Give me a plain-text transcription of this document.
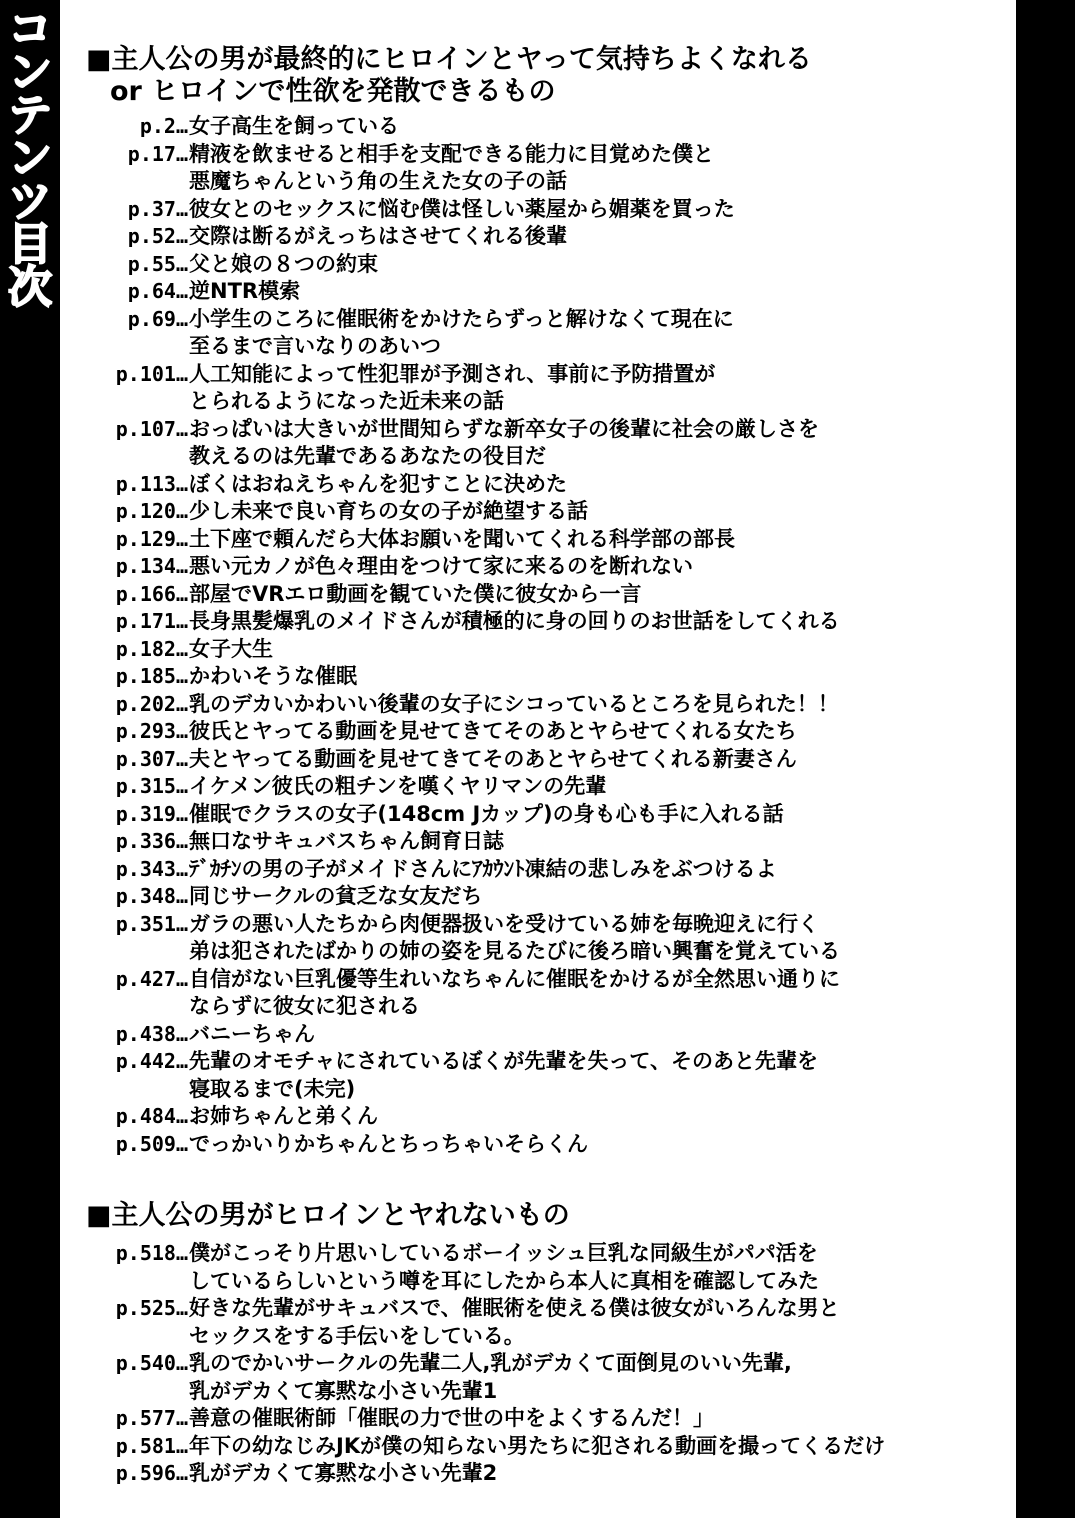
コ
ン
テ
ン
ツ
目
次
■主人公の男が最終的にヒロインとヤって気持ちよくなれる
or ヒロインで性欲を発散できるもの
p.2… 女子高生を飼っている
p.17… 精液を飲ませると相手を支配できる能力に目覚めた僕と
悪魔ちゃんという角の生えた女の子の話
p.37… 彼女とのセックスに悩む僕は怪しい薬屋から媚薬を買った
p.52… 交際は断るがえっちはさせてくれる後輩
p.55… 父と娘の８つの約束
p.64… 逆NTR模索
p.69… 小学生のころに催眠術をかけたらずっと解けなくて現在に
至るまで言いなりのあいつ
p.101… 人工知能によって性犯罪が予測され、事前に予防措置が
とられるようになった近未来の話
p.107… おっぱいは大きいが世間知らずな新卒女子の後輩に社会の厳しさを
教えるのは先輩であるあなたの役目だ
p.113… ぼくはおねえちゃんを犯すことに決めた
p.120… 少し未来で良い育ちの女の子が絶望する話
p.129… 土下座で頼んだら大体お願いを聞いてくれる科学部の部長
p.134… 悪い元カノが色々理由をつけて家に来るのを断れない
p.166… 部屋でVRエロ動画を観ていた僕に彼女から一言
p.171… 長身黒髪爆乳のメイドさんが積極的に身の回りのお世話をしてくれる
p.182… 女子大生
p.185… かわいそうな催眠
p.202… 乳のデカいかわいい後輩の女子にシコっているところを見られた！！
p.293… 彼氏とヤってる動画を見せてきてそのあとヤらせてくれる女たち
p.307… 夫とヤってる動画を見せてきてそのあとヤらせてくれる新妻さん
p.315… イケメン彼氏の粗チンを嘆くヤリマンの先輩
p.319… 催眠でクラスの女子(148cm Jカップ)の身も心も手に入れる話
p.336… 無口なサキュバスちゃん飼育日誌
p.343… ﾃﾞｶﾁﾝの男の子がメイドさんにｱｶｳﾝﾄ凍結の悲しみをぶつけるよ
p.348… 同じサークルの貧乏な女友だち
p.351… ガラの悪い人たちから肉便器扱いを受けている姉を毎晩迎えに行く
弟は犯されたばかりの姉の姿を見るたびに後ろ暗い興奮を覚えている
p.427… 自信がない巨乳優等生れいなちゃんに催眠をかけるが全然思い通りに
ならずに彼女に犯される
p.438… バニーちゃん
p.442… 先輩のオモチャにされているぼくが先輩を失って、そのあと先輩を
寝取るまで(未完)
p.484… お姉ちゃんと弟くん
p.509… でっかいりかちゃんとちっちゃいそらくん
■主人公の男がヒロインとヤれないもの
p.518… 僕がこっそり片思いしているボーイッシュ巨乳な同級生がパパ活を
しているらしいという噂を耳にしたから本人に真相を確認してみた
p.525… 好きな先輩がサキュバスで、催眠術を使える僕は彼女がいろんな男と
セックスをする手伝いをしている。
p.540… 乳のでかいサークルの先輩二人,乳がデカくて面倒見のいい先輩,
乳がデカくて寡黙な小さい先輩1
p.577… 善意の催眠術師「催眠の力で世の中をよくするんだ！」
p.581… 年下の幼なじみJKが僕の知らない男たちに犯される動画を撮ってくるだけ
p.596… 乳がデカくて寡黙な小さい先輩2
